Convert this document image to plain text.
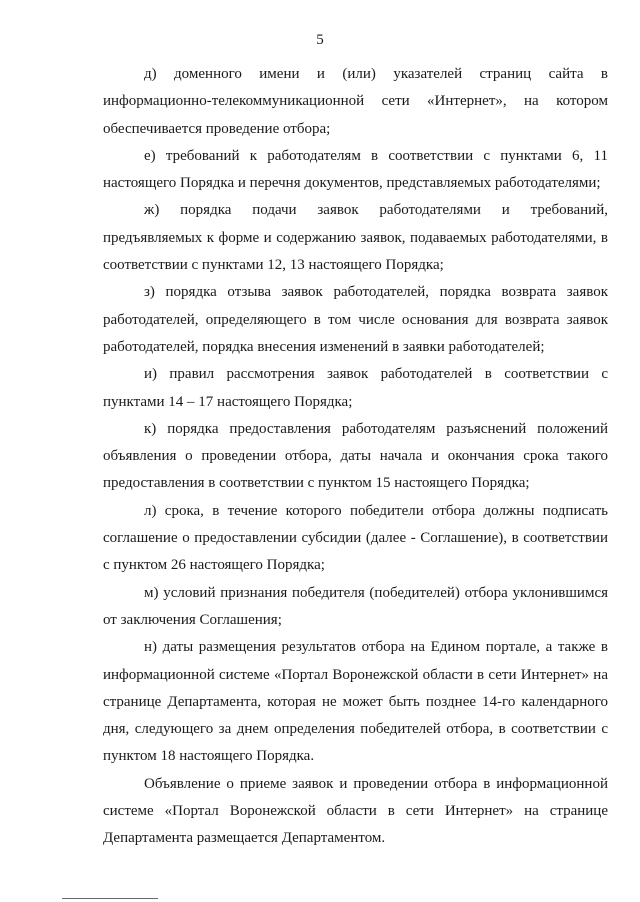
5

д) доменного имени и (или) указателей страниц сайта в информационно-телекоммуникационной сети «Интернет», на котором обеспечивается проведение отбора;

е) требований к работодателям в соответствии с пунктами 6, 11 настоящего Порядка и перечня документов, представляемых работодателями;

ж) порядка подачи заявок работодателями и требований, предъявляемых к форме и содержанию заявок, подаваемых работодателями, в соответствии с пунктами 12, 13 настоящего Порядка;

з) порядка отзыва заявок работодателей, порядка возврата заявок работодателей, определяющего в том числе основания для возврата заявок работодателей, порядка внесения изменений в заявки работодателей;

и) правил рассмотрения заявок работодателей в соответствии с пунктами 14 – 17 настоящего Порядка;

к) порядка предоставления работодателям разъяснений положений объявления о проведении отбора, даты начала и окончания срока такого предоставления в соответствии с пунктом 15 настоящего Порядка;

л) срока, в течение которого победители отбора должны подписать соглашение о предоставлении субсидии (далее - Соглашение), в соответствии с пунктом 26 настоящего Порядка;

м) условий признания победителя (победителей) отбора уклонившимся от заключения Соглашения;

н) даты размещения результатов отбора на Едином портале, а также в информационной системе «Портал Воронежской области в сети Интернет» на странице Департамента, которая не может быть позднее 14-го календарного дня, следующего за днем определения победителей отбора, в соответствии с пунктом 18 настоящего Порядка.

Объявление о приеме заявок и проведении отбора в информационной системе «Портал Воронежской области в сети Интернет» на странице Департамента размещается Департаментом.
